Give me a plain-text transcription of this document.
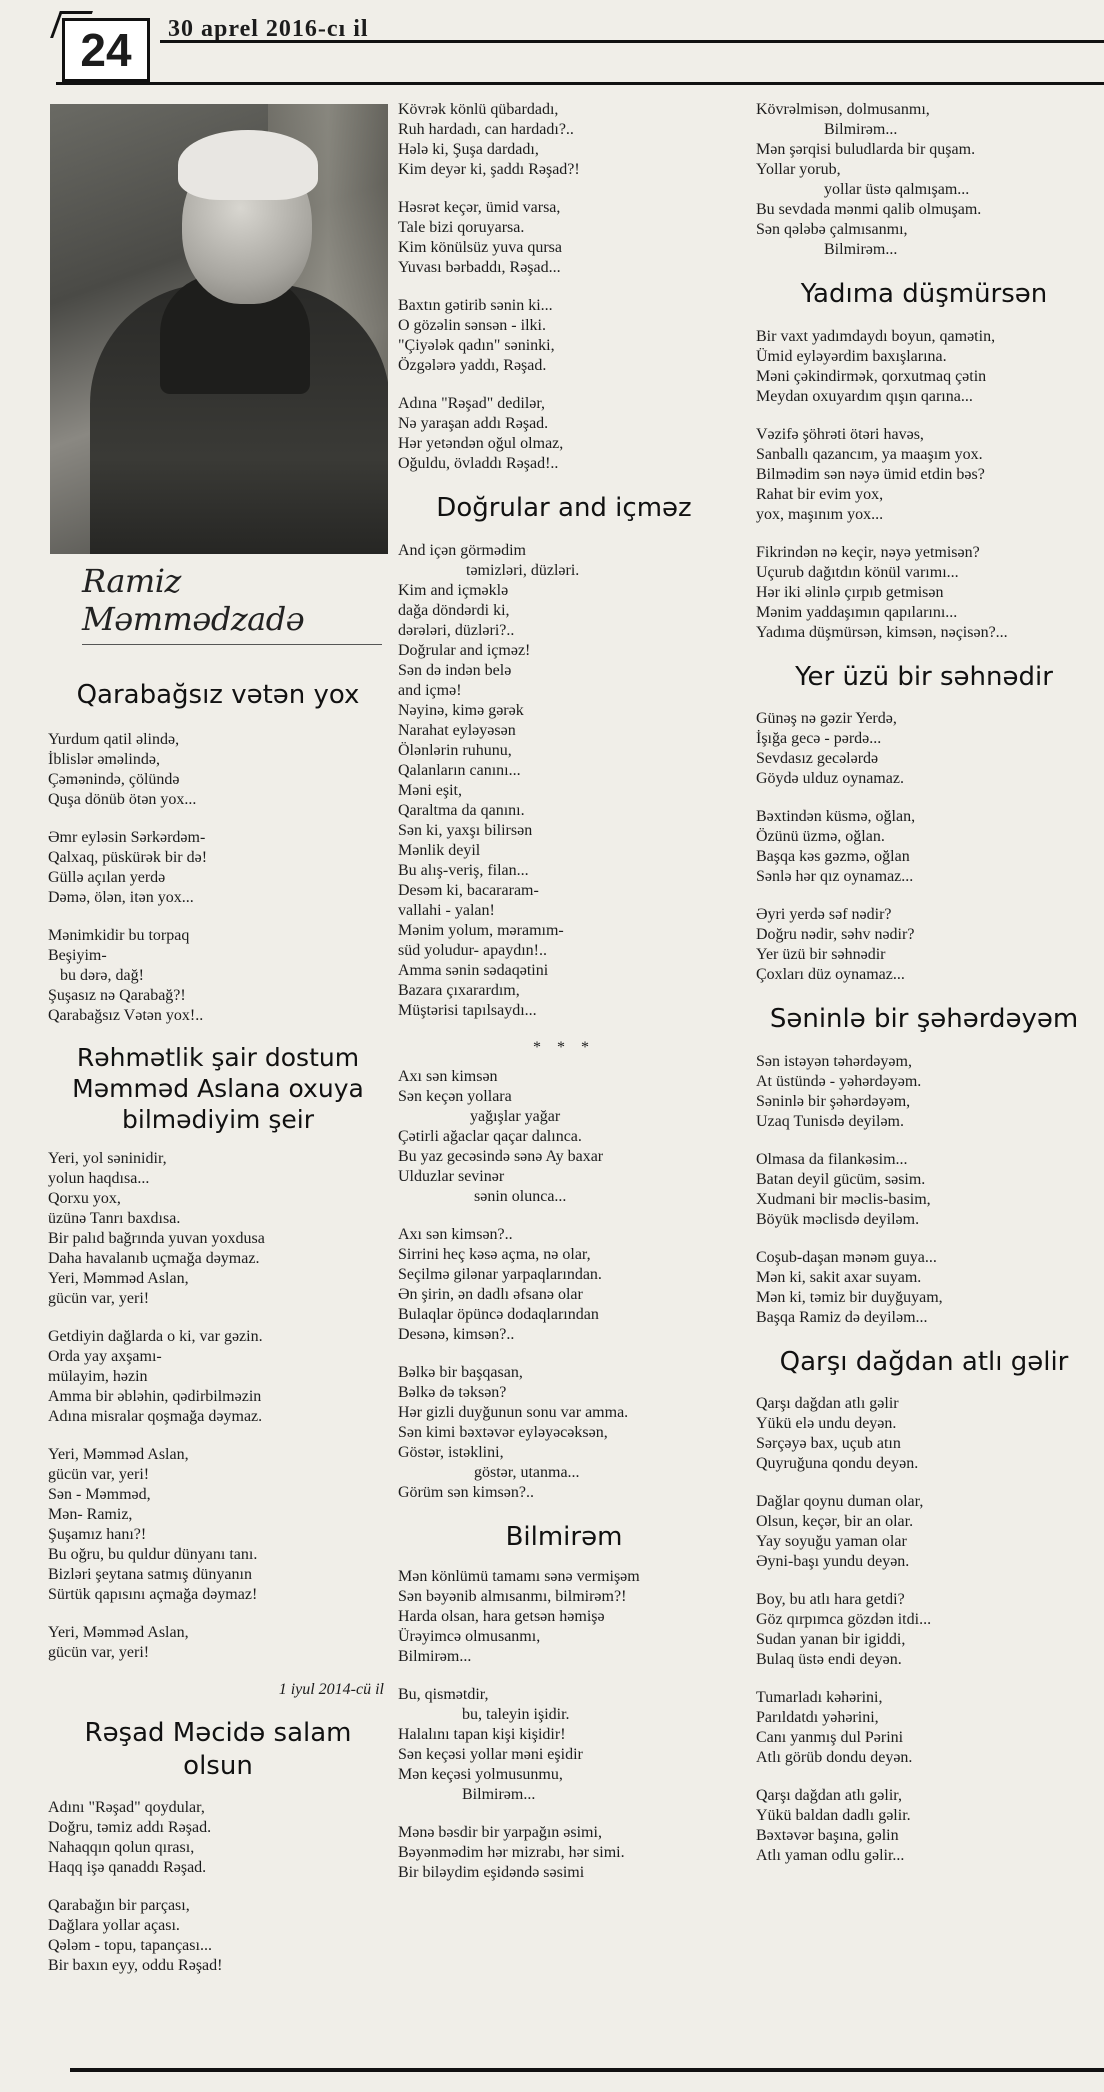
24	30 aprel 2016-cı il
Ramiz Məmmədzadə
Qarabağsız vətən yox

Yurdum qatil əlində,

İblislər əməlində,

Çəmənində, çölündə

Quşa dönüb ötən yox...

Əmr eyləsin Sərkərdəm-

Qalxaq, püskürək bir də!

Güllə açılan yerdə

Dəmə, ölən, itən yox...

Mənimkidir bu torpaq

Beşiyim-

bu dərə, dağ!

Şuşasız nə Qarabağ?!

Qarabağsız Vətən yox!..

Rəhmətlik şair dostum Məmməd Aslana oxuya bilmədiyim şeir

Yeri, yol səninidir,

yolun haqdısa...

Qorxu yox,

üzünə Tanrı baxdısa.

Bir palıd bağrında yuvan yoxdusa

Daha havalanıb uçmağa dəymaz.

Yeri, Məmməd Aslan,

gücün var, yeri!

Getdiyin dağlarda o ki, var gəzin.

Orda yay axşamı-

mülayim, həzin

Amma bir əbləhin, qədirbilməzin

Adına misralar qoşmağa dəymaz.

Yeri, Məmməd Aslan,

gücün var, yeri!

Sən - Məmməd,

Mən- Ramiz,

Şuşamız hanı?!

Bu oğru, bu quldur dünyanı tanı.

Bizləri şeytana satmış dünyanın

Sürtük qapısını açmağa dəymaz!

Yeri, Məmməd Aslan,

gücün var, yeri!

1 iyul 2014-cü il
Rəşad Məcidə salam olsun

Adını "Rəşad" qoydular,

Doğru, təmiz addı Rəşad.

Nahaqqın qolun qırası,

Haqq işə qanaddı Rəşad.

Qarabağın bir parçası,

Dağlara yollar açası.

Qələm - topu, tapançası...

Bir baxın eyy, oddu Rəşad!

Kövrək könlü qübardadı,

Ruh hardadı, can hardadı?..

Hələ ki, Şuşa dardadı,

Kim deyər ki, şaddı Rəşad?!

Həsrət keçər, ümid varsa,

Tale bizi qoruyarsa.

Kim könülsüz yuva qursa

Yuvası bərbaddı, Rəşad...

Baxtın gətirib sənin ki...

O gözəlin sənsən - ilki.

"Çiyələk qadın" səninki,

Özgələrə yaddı, Rəşad.

Adına "Rəşad" dedilər,

Nə yaraşan addı Rəşad.

Hər yetəndən oğul olmaz,

Oğuldu, övladdı Rəşad!..

Doğrular and içməz

And içən görmədim

təmizləri, düzləri.

Kim and içməklə

dağa döndərdi ki,

dərələri, düzləri?..

Doğrular and içməz!

Sən də indən belə

and içmə!

Nəyinə, kimə gərək

Narahat eyləyəsən

Ölənlərin ruhunu,

Qalanların canını...

Məni eşit,

Qaraltma da qanını.

Sən ki, yaxşı bilirsən

Mənlik deyil

Bu alış-veriş, filan...

Desəm ki, bacararam-

vallahi - yalan!

Mənim yolum, məramım-

süd yoludur- apaydın!..

Amma sənin sədaqətini

Bazara çıxarardım,

Müştərisi tapılsaydı...

* * *

Axı sən kimsən

Sən keçən yollara

yağışlar yağar

Çətirli ağaclar qaçar dalınca.

Bu yaz gecəsində sənə Ay baxar

Ulduzlar sevinər

sənin olunca...

Axı sən kimsən?..

Sirrini heç kəsə açma, nə olar,

Seçilmə gilənar yarpaqlarından.

Ən şirin, ən dadlı əfsanə olar

Bulaqlar öpüncə dodaqlarından

Desənə, kimsən?..

Bəlkə bir başqasan,

Bəlkə də təksən?

Hər gizli duyğunun sonu var amma.

Sən kimi bəxtəvər eyləyəcəksən,

Göstər, istəklini,

göstər, utanma...

Görüm sən kimsən?..

Bilmirəm

Mən könlümü tamamı sənə vermişəm

Sən bəyənib almısanmı, bilmirəm?!

Harda olsan, hara getsən həmişə

Ürəyimcə olmusanmı,

Bilmirəm...

Bu, qismətdir,

bu, taleyin işidir.

Halalını tapan kişi kişidir!

Sən keçəsi yollar məni eşidir

Mən keçəsi yolmusunmu,

Bilmirəm...

Mənə bəsdir bir yarpağın əsimi,

Bəyənmədim hər mizrabı, hər simi.

Bir biləydim eşidəndə səsimi

Kövrəlmisən, dolmusanmı,

Bilmirəm...

Mən şərqisi buludlarda bir quşam.

Yollar yorub,

yollar üstə qalmışam...

Bu sevdada mənmi qalib olmuşam.

Sən qələbə çalmısanmı,

Bilmirəm...

Yadıma düşmürsən

Bir vaxt yadımdaydı boyun, qamətin,

Ümid eyləyərdim baxışlarına.

Məni çəkindirmək, qorxutmaq çətin

Meydan oxuyardım qışın qarına...

Vəzifə şöhrəti ötəri havəs,

Sanballı qazancım, ya maaşım yox.

Bilmədim sən nəyə ümid etdin bəs?

Rahat bir evim yox,

yox, maşınım yox...

Fikrindən nə keçir, nəyə yetmisən?

Uçurub dağıtdın könül varımı...

Hər iki əlinlə çırpıb getmisən

Mənim yaddaşımın qapılarını...

Yadıma düşmürsən, kimsən, nəçisən?...

Yer üzü bir səhnədir

Günəş nə gəzir Yerdə,

İşığa gecə - pərdə...

Sevdasız gecələrdə

Göydə ulduz oynamaz.

Bəxtindən küsmə, oğlan,

Özünü üzmə, oğlan.

Başqa kəs gəzmə, oğlan

Sənlə hər qız oynamaz...

Əyri yerdə səf nədir?

Doğru nədir, səhv nədir?

Yer üzü bir səhnədir

Çoxları düz oynamaz...

Səninlə bir şəhərdəyəm

Sən istəyən təhərdəyəm,

At üstündə - yəhərdəyəm.

Səninlə bir şəhərdəyəm,

Uzaq Tunisdə deyiləm.

Olmasa da filankəsim...

Batan deyil gücüm, səsim.

Xudmani bir məclis-basim,

Böyük məclisdə deyiləm.

Coşub-daşan mənəm guya...

Mən ki, sakit axar suyam.

Mən ki, təmiz bir duyğuyam,

Başqa Ramiz də deyiləm...

Qarşı dağdan atlı gəlir

Qarşı dağdan atlı gəlir

Yükü elə undu deyən.

Sərçəyə bax, uçub atın

Quyruğuna qondu deyən.

Dağlar qoynu duman olar,

Olsun, keçər, bir an olar.

Yay soyuğu yaman olar

Əyni-başı yundu deyən.

Boy, bu atlı hara getdi?

Göz qırpımca gözdən itdi...

Sudan yanan bir igiddi,

Bulaq üstə endi deyən.

Tumarladı kəhərini,

Parıldatdı yəhərini,

Canı yanmış dul Pərini

Atlı görüb dondu deyən.

Qarşı dağdan atlı gəlir,

Yükü baldan dadlı gəlir.

Bəxtəvər başına, gəlin

Atlı yaman odlu gəlir...
